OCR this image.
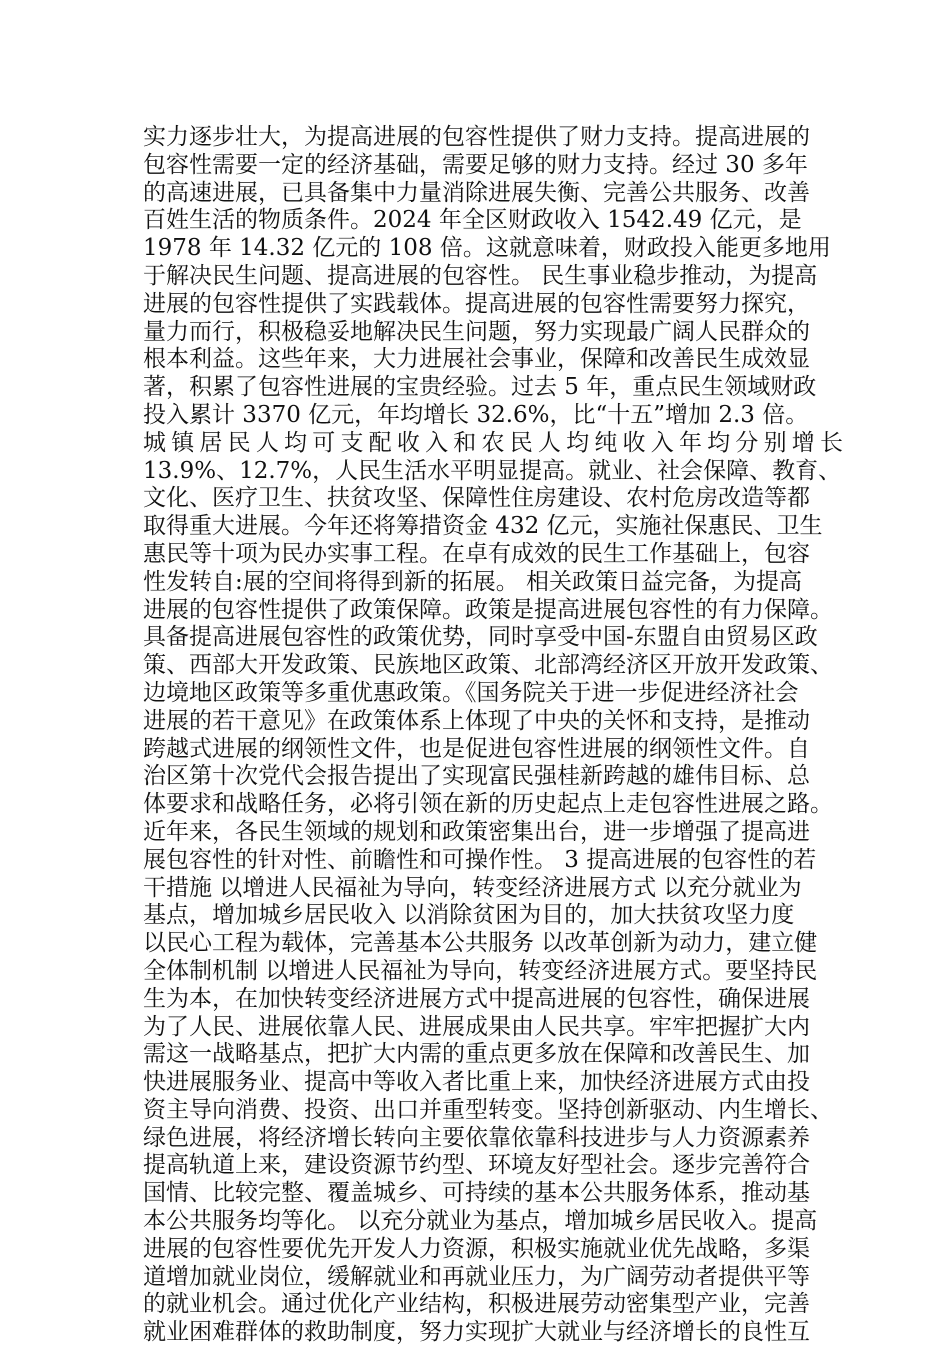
实力逐步壮大，为提高进展的包容性提供了财力支持。提高进展的
包容性需要一定的经济基础，需要足够的财力支持。经过 30 多年
的高速进展，已具备集中力量消除进展失衡、完善公共服务、改善
百姓生活的物质条件。2024 年全区财政收入 1542.49 亿元，是
1978 年 14.32 亿元的 108 倍。这就意味着，财政投入能更多地用
于解决民生问题、提高进展的包容性。 民生事业稳步推动，为提高
进展的包容性提供了实践载体。提高进展的包容性需要努力探究，
量力而行，积极稳妥地解决民生问题，努力实现最广阔人民群众的
根本利益。这些年来，大力进展社会事业，保障和改善民生成效显
著，积累了包容性进展的宝贵经验。过去 5 年，重点民生领域财政
投入累计 3370 亿元，年均增长 32.6%，比“十五”增加 2.3 倍。
城镇居民人均可支配收入和农民人均纯收入年均分别增长
13.9%、12.7%，人民生活水平明显提高。就业、社会保障、教育、
文化、医疗卫生、扶贫攻坚、保障性住房建设、农村危房改造等都
取得重大进展。今年还将筹措资金 432 亿元，实施社保惠民、卫生
惠民等十项为民办实事工程。在卓有成效的民生工作基础上，包容
性发转自:展的空间将得到新的拓展。 相关政策日益完备，为提高
进展的包容性提供了政策保障。政策是提高进展包容性的有力保障。
具备提高进展包容性的政策优势，同时享受中国-东盟自由贸易区政
策、西部大开发政策、民族地区政策、北部湾经济区开放开发政策、
边境地区政策等多重优惠政策。《国务院关于进一步促进经济社会
进展的若干意见》在政策体系上体现了中央的关怀和支持，是推动
跨越式进展的纲领性文件，也是促进包容性进展的纲领性文件。自
治区第十次党代会报告提出了实现富民强桂新跨越的雄伟目标、总
体要求和战略任务，必将引领在新的历史起点上走包容性进展之路。
近年来，各民生领域的规划和政策密集出台，进一步增强了提高进
展包容性的针对性、前瞻性和可操作性。 3 提高进展的包容性的若
干措施 以增进人民福祉为导向，转变经济进展方式 以充分就业为
基点，增加城乡居民收入 以消除贫困为目的，加大扶贫攻坚力度
以民心工程为载体，完善基本公共服务 以改革创新为动力，建立健
全体制机制 以增进人民福祉为导向，转变经济进展方式。要坚持民
生为本，在加快转变经济进展方式中提高进展的包容性，确保进展
为了人民、进展依靠人民、进展成果由人民共享。牢牢把握扩大内
需这一战略基点，把扩大内需的重点更多放在保障和改善民生、加
快进展服务业、提高中等收入者比重上来，加快经济进展方式由投
资主导向消费、投资、出口并重型转变。坚持创新驱动、内生增长、
绿色进展，将经济增长转向主要依靠依靠科技进步与人力资源素养
提高轨道上来，建设资源节约型、环境友好型社会。逐步完善符合
国情、比较完整、覆盖城乡、可持续的基本公共服务体系，推动基
本公共服务均等化。 以充分就业为基点，增加城乡居民收入。提高
进展的包容性要优先开发人力资源，积极实施就业优先战略，多渠
道增加就业岗位，缓解就业和再就业压力，为广阔劳动者提供平等
的就业机会。通过优化产业结构，积极进展劳动密集型产业，完善
就业困难群体的救助制度，努力实现扩大就业与经济增长的良性互
